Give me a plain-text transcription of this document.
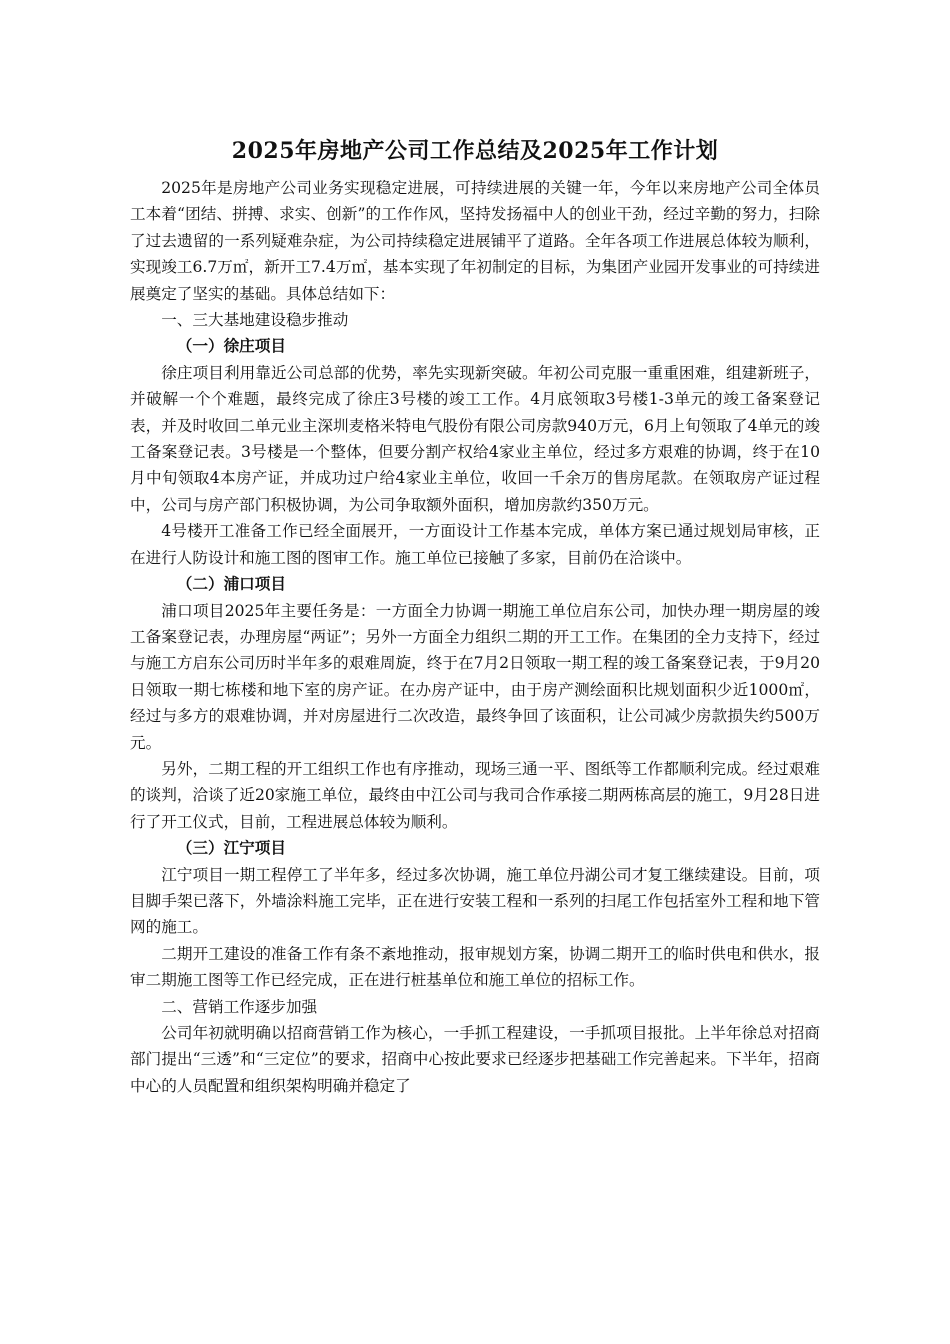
2025年房地产公司工作总结及2025年工作计划

2025年是房地产公司业务实现稳定进展，可持续进展的关键一年，今年以来房地产公司全体员工本着“团结、拼搏、求实、创新”的工作作风，坚持发扬福中人的创业干劲，经过辛勤的努力，扫除了过去遗留的一系列疑难杂症，为公司持续稳定进展铺平了道路。全年各项工作进展总体较为顺利，实现竣工6.7万㎡，新开工7.4万㎡，基本实现了年初制定的目标，为集团产业园开发事业的可持续进展奠定了坚实的基础。具体总结如下：

一、三大基地建设稳步推动
（一）徐庄项目

徐庄项目利用靠近公司总部的优势，率先实现新突破。年初公司克服一重重困难，组建新班子，并破解一个个难题，最终完成了徐庄3号楼的竣工工作。4月底领取3号楼1-3单元的竣工备案登记表，并及时收回二单元业主深圳麦格米特电气股份有限公司房款940万元，6月上旬领取了4单元的竣工备案登记表。3号楼是一个整体，但要分割产权给4家业主单位，经过多方艰难的协调，终于在10月中旬领取4本房产证，并成功过户给4家业主单位，收回一千余万的售房尾款。在领取房产证过程中，公司与房产部门积极协调，为公司争取额外面积，增加房款约350万元。

4号楼开工准备工作已经全面展开，一方面设计工作基本完成，单体方案已通过规划局审核，正在进行人防设计和施工图的图审工作。施工单位已接触了多家，目前仍在洽谈中。

（二）浦口项目

浦口项目2025年主要任务是：一方面全力协调一期施工单位启东公司，加快办理一期房屋的竣工备案登记表，办理房屋“两证”；另外一方面全力组织二期的开工工作。在集团的全力支持下，经过与施工方启东公司历时半年多的艰难周旋，终于在7月2日领取一期工程的竣工备案登记表，于9月20日领取一期七栋楼和地下室的房产证。在办房产证中，由于房产测绘面积比规划面积少近1000㎡，经过与多方的艰难协调，并对房屋进行二次改造，最终争回了该面积，让公司减少房款损失约500万元。

另外，二期工程的开工组织工作也有序推动，现场三通一平、图纸等工作都顺利完成。经过艰难的谈判，洽谈了近20家施工单位，最终由中江公司与我司合作承接二期两栋高层的施工，9月28日进行了开工仪式，目前，工程进展总体较为顺利。

（三）江宁项目

江宁项目一期工程停工了半年多，经过多次协调，施工单位丹湖公司才复工继续建设。目前，项目脚手架已落下，外墙涂料施工完毕，正在进行安装工程和一系列的扫尾工作包括室外工程和地下管网的施工。

二期开工建设的准备工作有条不紊地推动，报审规划方案，协调二期开工的临时供电和供水，报审二期施工图等工作已经完成，正在进行桩基单位和施工单位的招标工作。

二、营销工作逐步加强

公司年初就明确以招商营销工作为核心，一手抓工程建设，一手抓项目报批。上半年徐总对招商部门提出“三透”和“三定位”的要求，招商中心按此要求已经逐步把基础工作完善起来。下半年，招商中心的人员配置和组织架构明确并稳定了
